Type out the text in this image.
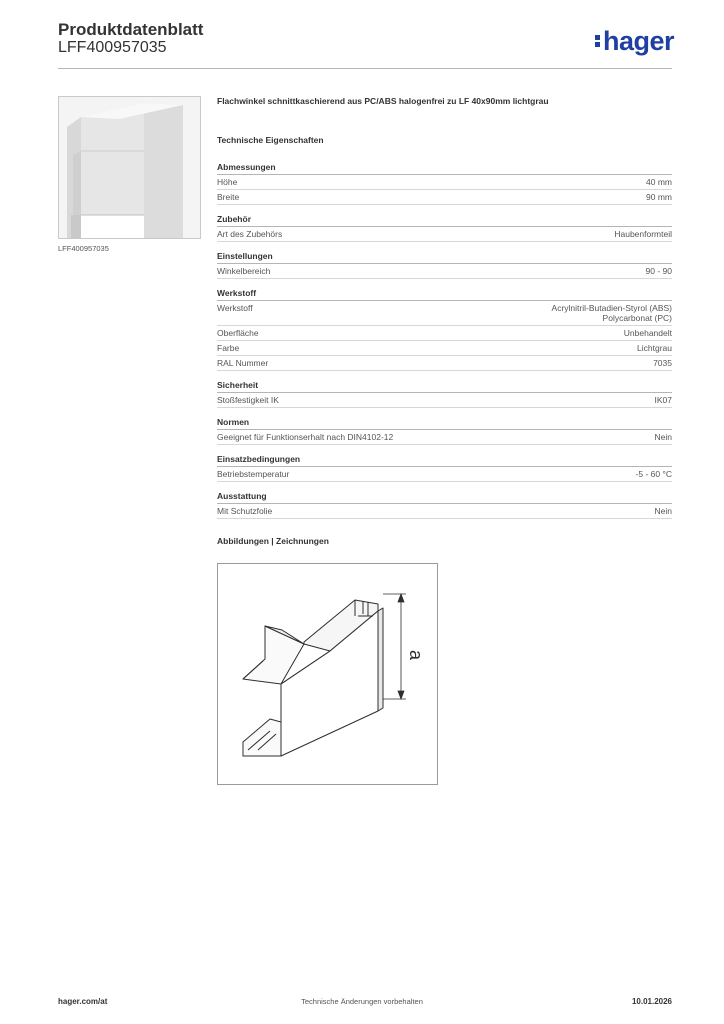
Produktdatenblatt
LFF400957035	hager
LFF400957035
Flachwinkel schnittkaschierend aus PC/ABS halogenfrei zu LF 40x90mm lichtgrau
Technische Eigenschaften
Abmessungen
Höhe	40 mm
Breite	90 mm
Zubehör
Art des Zubehörs	Haubenformteil
Einstellungen
Winkelbereich	90 - 90
Werkstoff
Werkstoff	Acrylnitril-Butadien-Styrol (ABS)
Polycarbonat (PC)
Oberfläche	Unbehandelt
Farbe	Lichtgrau
RAL Nummer	7035
Sicherheit
Stoßfestigkeit IK	IK07
Normen
Geeignet für Funktionserhalt nach DIN4102-12	Nein
Einsatzbedingungen
Betriebstemperatur	-5 - 60 °C
Ausstattung
Mit Schutzfolie	Nein
Abbildungen | Zeichnungen
a
hager.com/at	Technische Änderungen vorbehalten	10.01.2026
